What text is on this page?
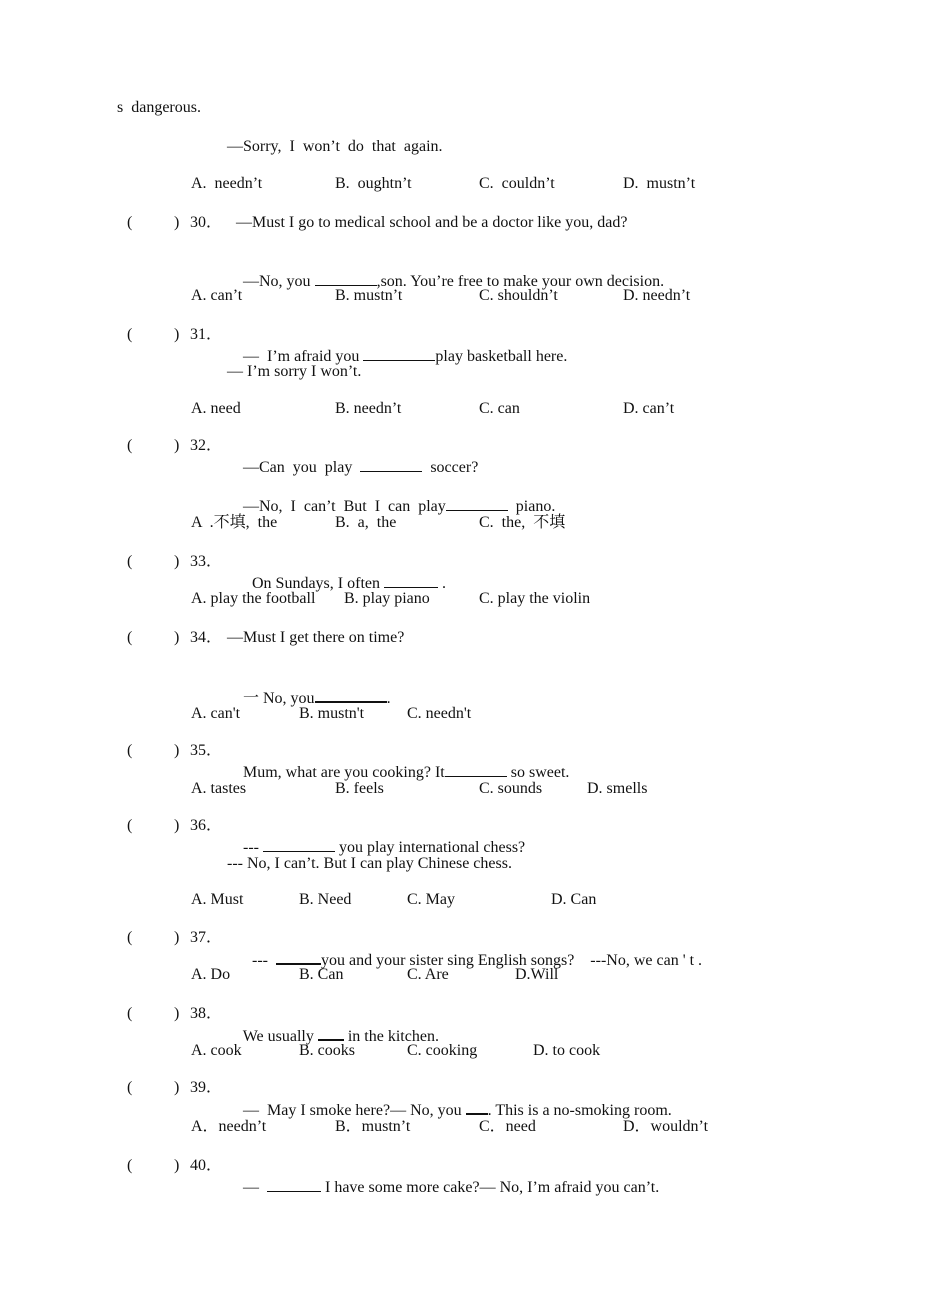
s  dangerous.
—Sorry,  I  won’t  do  that  again.
A.  needn’t	B.  oughtn’t	C.  couldn’t	D.  mustn’t
(	) 30． —Must I go to medical school and be a doctor like you, dad?

—No, you	,son. You’re free to make your own decision.

A. can’t	B. mustn’t	C. shouldn’t	D. needn’t
(	) 31．

—  I’m afraid you	play basketball here.

— I’m sorry I won’t.
A. need	B. needn’t	C. can	D. can’t
(	) 32．

—Can  you  play	soccer?

—No,  I  can’t  But  I  can  play	piano.

A  .不填,  the	B.  a,  the	C.  the,  不填
(	) 33．

On Sundays, I often	.

A. play the football B. play piano	C. play the violin
(	) 34． —Must I get there on time?

一 No, you	.

A. can't	B. mustn't	C. needn't
(	) 35．

Mum, what are you cooking? It	so sweet.

A. tastes	B. feels	C. sounds	D. smells
(	) 36．

---	you play international chess?

--- No, I can’t. But I can play Chinese chess.
A. Must	B. Need	C. May	D. Can
(	) 37．

---	you and your sister sing English songs?    ---No, we can ' t .

A. Do	B. Can	C. Are	D.Will
(	) 38．

We usually  in the kitchen.

A. cook	B. cooks	C. cooking	D. to cook
(	) 39．

—  May I smoke here?— No, you . This is a no-smoking room.

A．needn’t	B．mustn’t	C．need	D．wouldn’t
(	) 40．

—	I have some more cake?— No, I’m afraid you can’t.
